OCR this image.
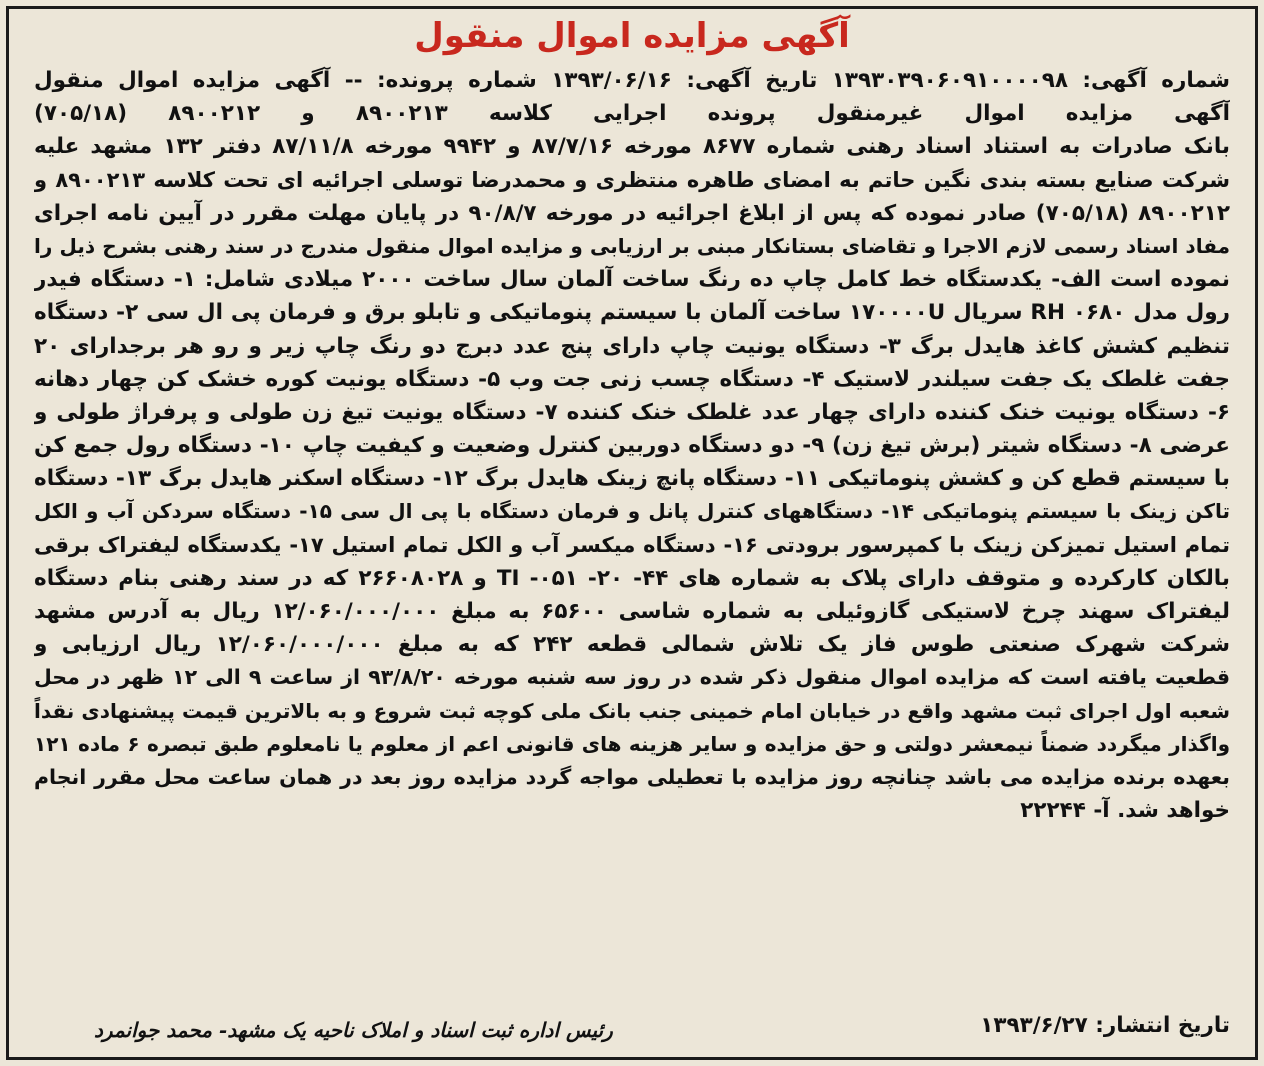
آگهی مزایده اموال منقول
شماره آگهی: ۱۳۹۳۰۳۹۰۶۰۹۱۰۰۰۰۹۸ تاریخ آگهی: ۱۳۹۳/۰۶/۱۶ شماره پرونده: -- آگهی مزایده اموال منقول
آگهی مزایده اموال غیرمنقول پرونده اجرایی کلاسه ۸۹۰۰۲۱۳ و ۸۹۰۰۲۱۲ (۷۰۵/۱۸)
بانک صادرات به استناد اسناد رهنی شماره ۸۶۷۷ مورخه ۸۷/۷/۱۶ و ۹۹۴۲ مورخه ۸۷/۱۱/۸ دفتر ۱۳۲ مشهد علیه
شرکت صنایع بسته بندی نگین حاتم به امضای طاهره منتظری و محمدرضا توسلی اجرائیه ای تحت کلاسه ۸۹۰۰۲۱۳ و
۸۹۰۰۲۱۲ (۷۰۵/۱۸) صادر نموده که پس از ابلاغ اجرائیه در مورخه ۹۰/۸/۷ در پایان مهلت مقرر در آیین نامه اجرای
مفاد اسناد رسمی لازم الاجرا و تقاضای بستانکار مبنی بر ارزیابی و مزایده اموال منقول مندرج در سند رهنی بشرح ذیل را
نموده است الف- یکدستگاه خط کامل چاپ ده رنگ ساخت آلمان سال ساخت ۲۰۰۰ میلادی شامل: ۱- دستگاه فیدر
رول مدل RH ۰۶۸۰ سریال ۱۷۰۰۰۰U ساخت آلمان با سیستم پنوماتیکی و تابلو برق و فرمان پی ال سی ۲- دستگاه
تنظیم کشش کاغذ هایدل برگ ۳- دستگاه یونیت چاپ دارای پنج عدد دبرج دو رنگ چاپ زیر و رو هر برجدارای ۲۰
جفت غلطک یک جفت سیلندر لاستیک ۴- دستگاه چسب زنی جت وب ۵- دستگاه یونیت کوره خشک کن چهار دهانه
۶- دستگاه یونیت خنک کننده دارای چهار عدد غلطک خنک کننده ۷- دستگاه یونیت تیغ زن طولی و پرفراژ طولی و
عرضی ۸- دستگاه شیتر (برش تیغ زن) ۹- دو دستگاه دوربین کنترل وضعیت و کیفیت چاپ ۱۰- دستگاه رول جمع کن
با سیستم قطع کن و کشش پنوماتیکی ۱۱- دستگاه پانچ زینک هایدل برگ ۱۲- دستگاه اسکنر هایدل برگ ۱۳- دستگاه
تاکن زینک با سیستم پنوماتیکی ۱۴- دستگاههای کنترل پانل و فرمان دستگاه با پی ال سی ۱۵- دستگاه سردکن آب و الکل
تمام استیل تمیزکن زینک با کمپرسور برودتی ۱۶- دستگاه میکسر آب و الکل تمام استیل ۱۷- یکدستگاه لیفتراک برقی
بالکان کارکرده و متوقف دارای پلاک به شماره های ۴۴- ۲۰- ۰۵۱- TI و ۲۶۶۰۸۰۲۸ که در سند رهنی بنام دستگاه
لیفتراک سهند چرخ لاستیکی گازوئیلی به شماره شاسی ۶۵۶۰۰ به مبلغ ۱۲/۰۶۰/۰۰۰/۰۰۰ ریال به آدرس مشهد
شرکت شهرک صنعتی طوس فاز یک تلاش شمالی قطعه ۲۴۲ که به مبلغ ۱۲/۰۶۰/۰۰۰/۰۰۰ ریال ارزیابی و
قطعیت یافته است که مزایده اموال منقول ذکر شده در روز سه شنبه مورخه ۹۳/۸/۲۰ از ساعت ۹ الی ۱۲ ظهر در محل
شعبه اول اجرای ثبت مشهد واقع در خیابان امام خمینی جنب بانک ملی کوچه ثبت شروع و به بالاترین قیمت پیشنهادی نقداً
واگذار میگردد ضمناً نیمعشر دولتی و حق مزایده و سایر هزینه های قانونی اعم از معلوم یا نامعلوم طبق تبصره ۶ ماده ۱۲۱
بعهده برنده مزایده می باشد چنانچه روز مزایده با تعطیلی مواجه گردد مزایده روز بعد در همان ساعت محل مقرر انجام
خواهد شد. آ- ۲۲۲۴۴
تاریخ انتشار: ۱۳۹۳/۶/۲۷
رئیس اداره ثبت اسناد و املاک ناحیه یک مشهد- محمد جوانمرد
